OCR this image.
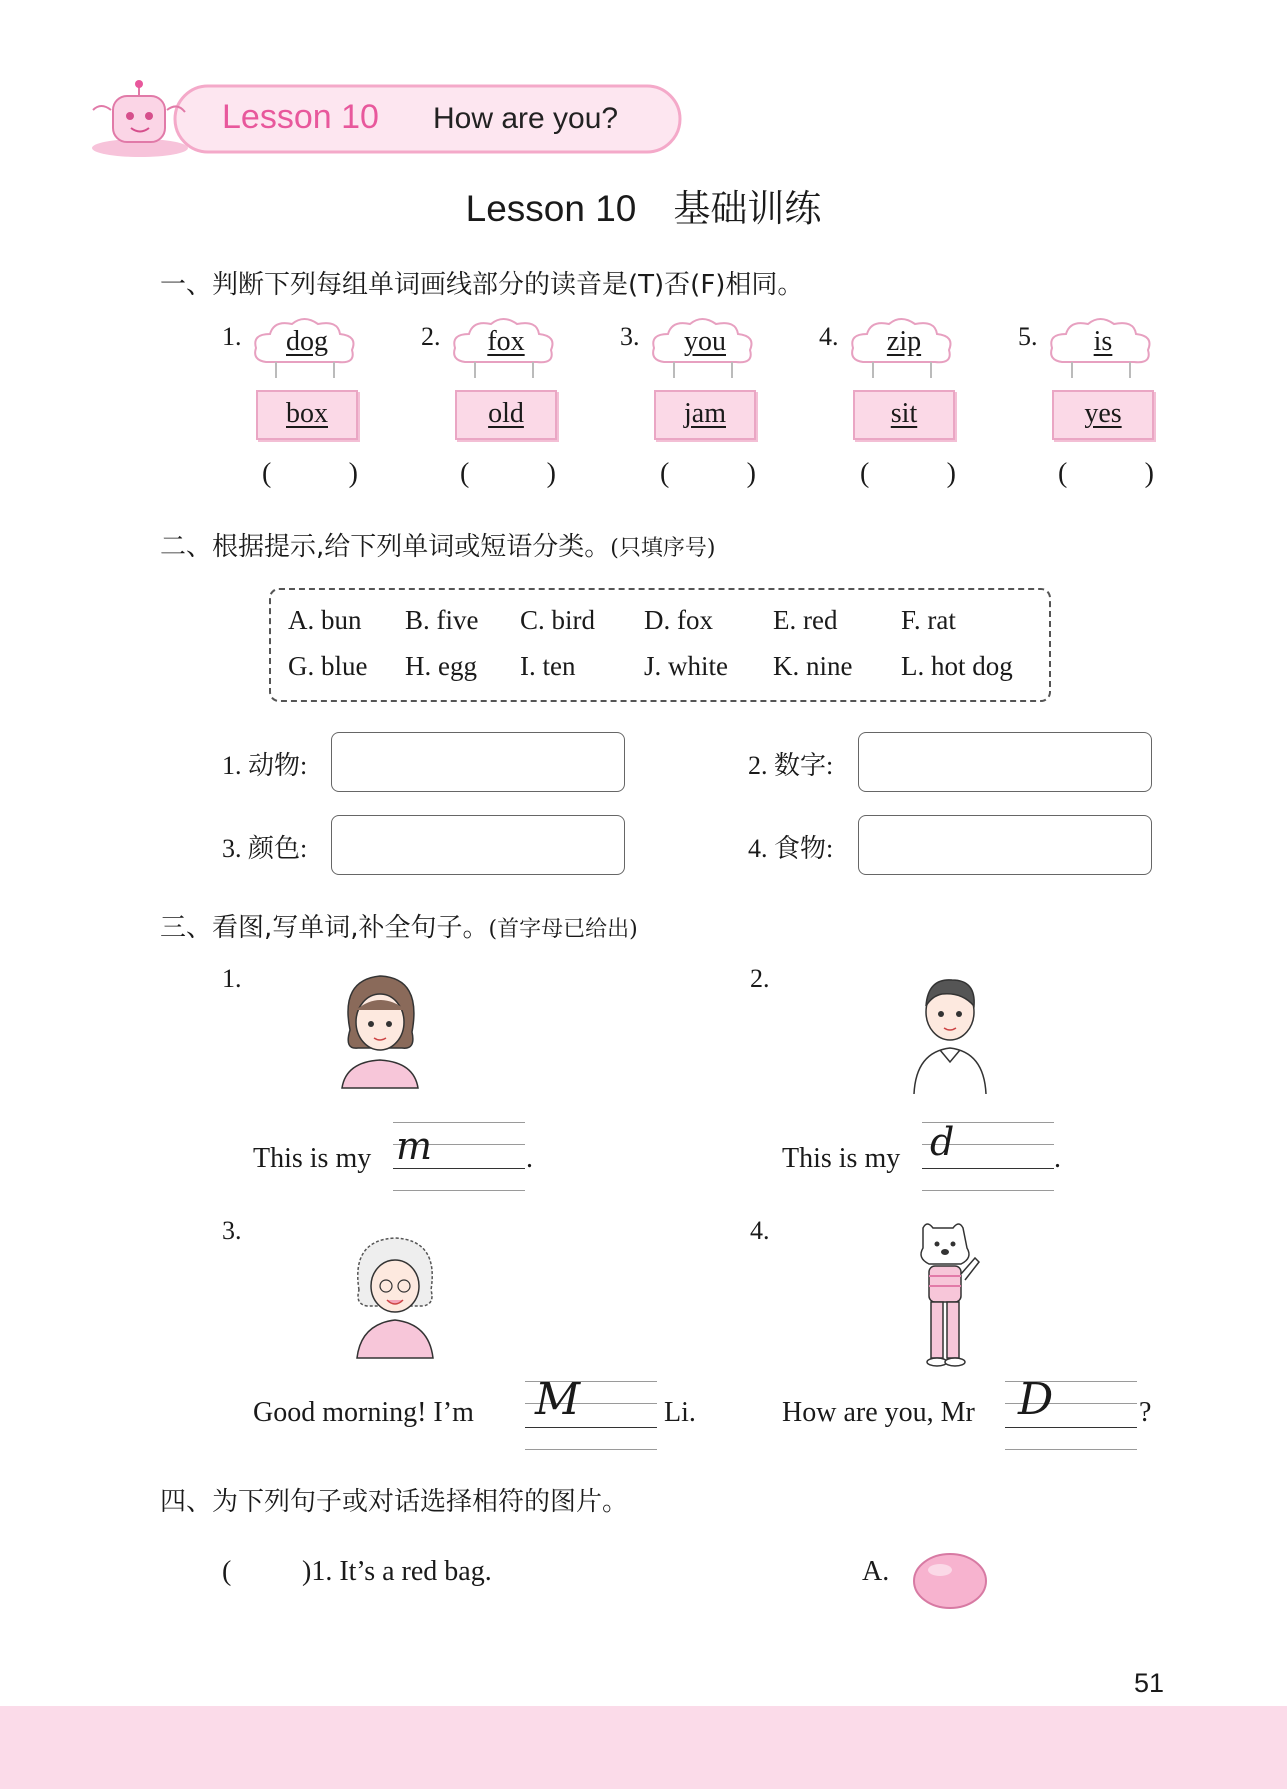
Lesson 10 How are you?
Lesson 10　基础训练
一、判断下列每组单词画线部分的读音是(T)否(F)相同。
1.	dog
box
(	)
2.	fox
old
(	)
3.	you
jam
(	)
4.	zip
sit
(	)
5.	is
yes
(	)
二、根据提示,给下列单词或短语分类。(只填序号)
A. bun B. five C. bird D. fox E. red F. rat
G. blue H. egg I. ten	J. white K. nine L. hot dog
1. 动物:	2. 数字:
3. 颜色:	4. 食物:
三、看图,写单词,补全句子。(首字母已给出)
1.
This is my m	.
2.
This is my d	.
3.
Good morning! I’m M	Li.
4.
How are you, Mr D	?
四、为下列句子或对话选择相符的图片。
(	)1. It’s a red bag.	A.
51
